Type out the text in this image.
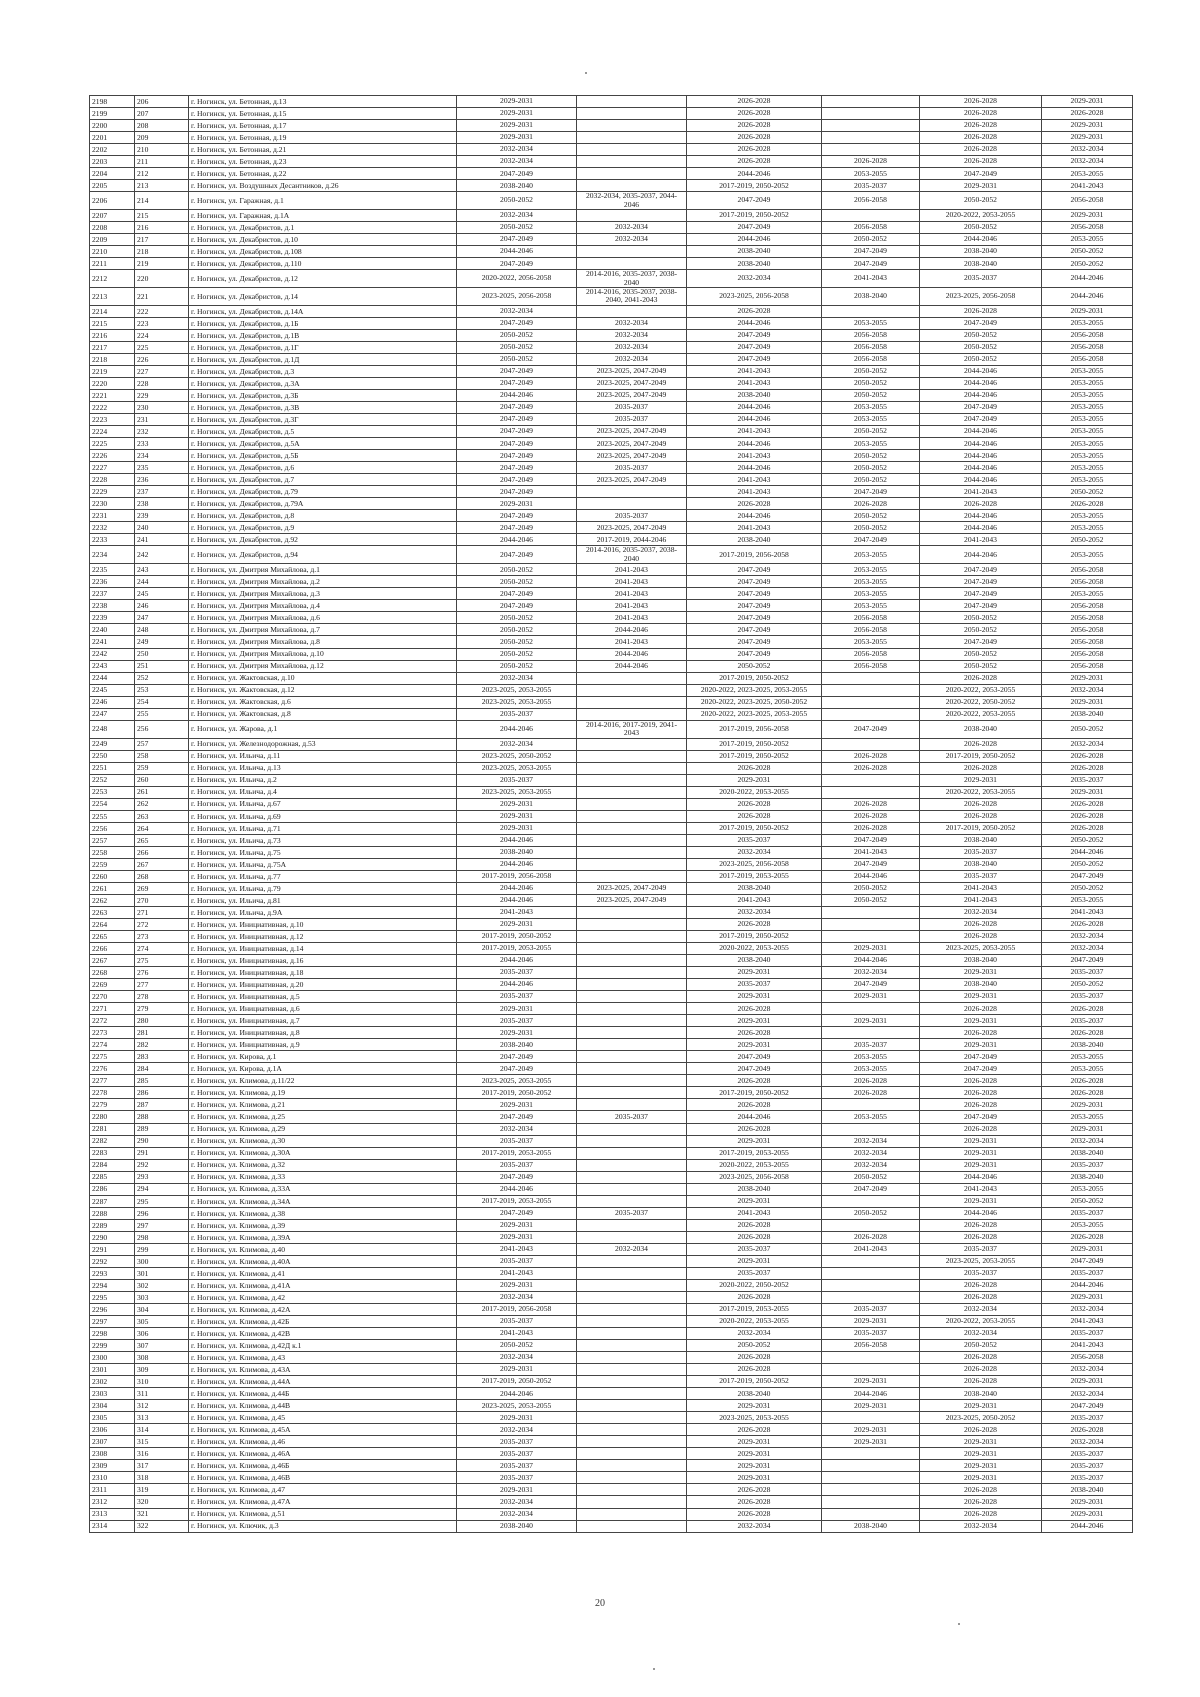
2198	206	г. Ногинск, ул. Бетонная, д.13	2029-2031		2026-2028		2026-2028	2029-2031
2199	207	г. Ногинск, ул. Бетонная, д.15	2029-2031		2026-2028		2026-2028	2026-2028
2200	208	г. Ногинск, ул. Бетонная, д.17	2029-2031		2026-2028		2026-2028	2029-2031
2201	209	г. Ногинск, ул. Бетонная, д.19	2029-2031		2026-2028		2026-2028	2029-2031
2202	210	г. Ногинск, ул. Бетонная, д.21	2032-2034		2026-2028		2026-2028	2032-2034
2203	211	г. Ногинск, ул. Бетонная, д.23	2032-2034		2026-2028	2026-2028	2026-2028	2032-2034
2204	212	г. Ногинск, ул. Бетонная, д.22	2047-2049		2044-2046	2053-2055	2047-2049	2053-2055
2205	213	г. Ногинск, ул. Воздушных Десантников, д.26	2038-2040		2017-2019, 2050-2052	2035-2037	2029-2031	2041-2043
2206	214	г. Ногинск, ул. Гаражная, д.1	2050-2052	2032-2034, 2035-2037, 2044-2046	2047-2049	2056-2058	2050-2052	2056-2058
2207	215	г. Ногинск, ул. Гаражная, д.1А	2032-2034		2017-2019, 2050-2052		2020-2022, 2053-2055	2029-2031
2208	216	г. Ногинск, ул. Декабристов, д.1	2050-2052	2032-2034	2047-2049	2056-2058	2050-2052	2056-2058
2209	217	г. Ногинск, ул. Декабристов, д.10	2047-2049	2032-2034	2044-2046	2050-2052	2044-2046	2053-2055
2210	218	г. Ногинск, ул. Декабристов, д.108	2044-2046		2038-2040	2047-2049	2038-2040	2050-2052
2211	219	г. Ногинск, ул. Декабристов, д.110	2047-2049		2038-2040	2047-2049	2038-2040	2050-2052
2212	220	г. Ногинск, ул. Декабристов, д.12	2020-2022, 2056-2058	2014-2016, 2035-2037, 2038-2040	2032-2034	2041-2043	2035-2037	2044-2046
2213	221	г. Ногинск, ул. Декабристов, д.14	2023-2025, 2056-2058	2014-2016, 2035-2037, 2038-2040, 2041-2043	2023-2025, 2056-2058	2038-2040	2023-2025, 2056-2058	2044-2046
2214	222	г. Ногинск, ул. Декабристов, д.14А	2032-2034		2026-2028		2026-2028	2029-2031
2215	223	г. Ногинск, ул. Декабристов, д.1Б	2047-2049	2032-2034	2044-2046	2053-2055	2047-2049	2053-2055
2216	224	г. Ногинск, ул. Декабристов, д.1В	2050-2052	2032-2034	2047-2049	2056-2058	2050-2052	2056-2058
2217	225	г. Ногинск, ул. Декабристов, д.1Г	2050-2052	2032-2034	2047-2049	2056-2058	2050-2052	2056-2058
2218	226	г. Ногинск, ул. Декабристов, д.1Д	2050-2052	2032-2034	2047-2049	2056-2058	2050-2052	2056-2058
2219	227	г. Ногинск, ул. Декабристов, д.3	2047-2049	2023-2025, 2047-2049	2041-2043	2050-2052	2044-2046	2053-2055
2220	228	г. Ногинск, ул. Декабристов, д.3А	2047-2049	2023-2025, 2047-2049	2041-2043	2050-2052	2044-2046	2053-2055
2221	229	г. Ногинск, ул. Декабристов, д.3Б	2044-2046	2023-2025, 2047-2049	2038-2040	2050-2052	2044-2046	2053-2055
2222	230	г. Ногинск, ул. Декабристов, д.3В	2047-2049	2035-2037	2044-2046	2053-2055	2047-2049	2053-2055
2223	231	г. Ногинск, ул. Декабристов, д.3Г	2047-2049	2035-2037	2044-2046	2053-2055	2047-2049	2053-2055
2224	232	г. Ногинск, ул. Декабристов, д.5	2047-2049	2023-2025, 2047-2049	2041-2043	2050-2052	2044-2046	2053-2055
2225	233	г. Ногинск, ул. Декабристов, д.5А	2047-2049	2023-2025, 2047-2049	2044-2046	2053-2055	2044-2046	2053-2055
2226	234	г. Ногинск, ул. Декабристов, д.5Б	2047-2049	2023-2025, 2047-2049	2041-2043	2050-2052	2044-2046	2053-2055
2227	235	г. Ногинск, ул. Декабристов, д.6	2047-2049	2035-2037	2044-2046	2050-2052	2044-2046	2053-2055
2228	236	г. Ногинск, ул. Декабристов, д.7	2047-2049	2023-2025, 2047-2049	2041-2043	2050-2052	2044-2046	2053-2055
2229	237	г. Ногинск, ул. Декабристов, д.79	2047-2049		2041-2043	2047-2049	2041-2043	2050-2052
2230	238	г. Ногинск, ул. Декабристов, д.79А	2029-2031		2026-2028	2026-2028	2026-2028	2026-2028
2231	239	г. Ногинск, ул. Декабристов, д.8	2047-2049	2035-2037	2044-2046	2050-2052	2044-2046	2053-2055
2232	240	г. Ногинск, ул. Декабристов, д.9	2047-2049	2023-2025, 2047-2049	2041-2043	2050-2052	2044-2046	2053-2055
2233	241	г. Ногинск, ул. Декабристов, д.92	2044-2046	2017-2019, 2044-2046	2038-2040	2047-2049	2041-2043	2050-2052
2234	242	г. Ногинск, ул. Декабристов, д.94	2047-2049	2014-2016, 2035-2037, 2038-2040	2017-2019, 2056-2058	2053-2055	2044-2046	2053-2055
2235	243	г. Ногинск, ул. Дмитрия Михайлова, д.1	2050-2052	2041-2043	2047-2049	2053-2055	2047-2049	2056-2058
2236	244	г. Ногинск, ул. Дмитрия Михайлова, д.2	2050-2052	2041-2043	2047-2049	2053-2055	2047-2049	2056-2058
2237	245	г. Ногинск, ул. Дмитрия Михайлова, д.3	2047-2049	2041-2043	2047-2049	2053-2055	2047-2049	2053-2055
2238	246	г. Ногинск, ул. Дмитрия Михайлова, д.4	2047-2049	2041-2043	2047-2049	2053-2055	2047-2049	2056-2058
2239	247	г. Ногинск, ул. Дмитрия Михайлова, д.6	2050-2052	2041-2043	2047-2049	2056-2058	2050-2052	2056-2058
2240	248	г. Ногинск, ул. Дмитрия Михайлова, д.7	2050-2052	2044-2046	2047-2049	2056-2058	2050-2052	2056-2058
2241	249	г. Ногинск, ул. Дмитрия Михайлова, д.8	2050-2052	2041-2043	2047-2049	2053-2055	2047-2049	2056-2058
2242	250	г. Ногинск, ул. Дмитрия Михайлова, д.10	2050-2052	2044-2046	2047-2049	2056-2058	2050-2052	2056-2058
2243	251	г. Ногинск, ул. Дмитрия Михайлова, д.12	2050-2052	2044-2046	2050-2052	2056-2058	2050-2052	2056-2058
2244	252	г. Ногинск, ул. Жактовская, д.10	2032-2034		2017-2019, 2050-2052		2026-2028	2029-2031
2245	253	г. Ногинск, ул. Жактовская, д.12	2023-2025, 2053-2055		2020-2022, 2023-2025, 2053-2055		2020-2022, 2053-2055	2032-2034
2246	254	г. Ногинск, ул. Жактовская, д.6	2023-2025, 2053-2055		2020-2022, 2023-2025, 2050-2052		2020-2022, 2050-2052	2029-2031
2247	255	г. Ногинск, ул. Жактовская, д.8	2035-2037		2020-2022, 2023-2025, 2053-2055		2020-2022, 2053-2055	2038-2040
2248	256	г. Ногинск, ул. Жарова, д.1	2044-2046	2014-2016, 2017-2019, 2041-2043	2017-2019, 2056-2058	2047-2049	2038-2040	2050-2052
2249	257	г. Ногинск, ул. Железнодорожная, д.53	2032-2034		2017-2019, 2050-2052		2026-2028	2032-2034
2250	258	г. Ногинск, ул. Ильича, д.11	2023-2025, 2050-2052		2017-2019, 2050-2052	2026-2028	2017-2019, 2050-2052	2026-2028
2251	259	г. Ногинск, ул. Ильича, д.13	2023-2025, 2053-2055		2026-2028	2026-2028	2026-2028	2026-2028
2252	260	г. Ногинск, ул. Ильича, д.2	2035-2037		2029-2031		2029-2031	2035-2037
2253	261	г. Ногинск, ул. Ильича, д.4	2023-2025, 2053-2055		2020-2022, 2053-2055		2020-2022, 2053-2055	2029-2031
2254	262	г. Ногинск, ул. Ильича, д.67	2029-2031		2026-2028	2026-2028	2026-2028	2026-2028
2255	263	г. Ногинск, ул. Ильича, д.69	2029-2031		2026-2028	2026-2028	2026-2028	2026-2028
2256	264	г. Ногинск, ул. Ильича, д.71	2029-2031		2017-2019, 2050-2052	2026-2028	2017-2019, 2050-2052	2026-2028
2257	265	г. Ногинск, ул. Ильича, д.73	2044-2046		2035-2037	2047-2049	2038-2040	2050-2052
2258	266	г. Ногинск, ул. Ильича, д.75	2038-2040		2032-2034	2041-2043	2035-2037	2044-2046
2259	267	г. Ногинск, ул. Ильича, д.75А	2044-2046		2023-2025, 2056-2058	2047-2049	2038-2040	2050-2052
2260	268	г. Ногинск, ул. Ильича, д.77	2017-2019, 2056-2058		2017-2019, 2053-2055	2044-2046	2035-2037	2047-2049
2261	269	г. Ногинск, ул. Ильича, д.79	2044-2046	2023-2025, 2047-2049	2038-2040	2050-2052	2041-2043	2050-2052
2262	270	г. Ногинск, ул. Ильича, д.81	2044-2046	2023-2025, 2047-2049	2041-2043	2050-2052	2041-2043	2053-2055
2263	271	г. Ногинск, ул. Ильича, д.9А	2041-2043		2032-2034		2032-2034	2041-2043
2264	272	г. Ногинск, ул. Инициативная, д.10	2029-2031		2026-2028		2026-2028	2026-2028
2265	273	г. Ногинск, ул. Инициативная, д.12	2017-2019, 2050-2052		2017-2019, 2050-2052		2026-2028	2032-2034
2266	274	г. Ногинск, ул. Инициативная, д.14	2017-2019, 2053-2055		2020-2022, 2053-2055	2029-2031	2023-2025, 2053-2055	2032-2034
2267	275	г. Ногинск, ул. Инициативная, д.16	2044-2046		2038-2040	2044-2046	2038-2040	2047-2049
2268	276	г. Ногинск, ул. Инициативная, д.18	2035-2037		2029-2031	2032-2034	2029-2031	2035-2037
2269	277	г. Ногинск, ул. Инициативная, д.20	2044-2046		2035-2037	2047-2049	2038-2040	2050-2052
2270	278	г. Ногинск, ул. Инициативная, д.5	2035-2037		2029-2031	2029-2031	2029-2031	2035-2037
2271	279	г. Ногинск, ул. Инициативная, д.6	2029-2031		2026-2028		2026-2028	2026-2028
2272	280	г. Ногинск, ул. Инициативная, д.7	2035-2037		2029-2031	2029-2031	2029-2031	2035-2037
2273	281	г. Ногинск, ул. Инициативная, д.8	2029-2031		2026-2028		2026-2028	2026-2028
2274	282	г. Ногинск, ул. Инициативная, д.9	2038-2040		2029-2031	2035-2037	2029-2031	2038-2040
2275	283	г. Ногинск, ул. Кирова, д.1	2047-2049		2047-2049	2053-2055	2047-2049	2053-2055
2276	284	г. Ногинск, ул. Кирова, д.1А	2047-2049		2047-2049	2053-2055	2047-2049	2053-2055
2277	285	г. Ногинск, ул. Климова, д.11/22	2023-2025, 2053-2055		2026-2028	2026-2028	2026-2028	2026-2028
2278	286	г. Ногинск, ул. Климова, д.19	2017-2019, 2050-2052		2017-2019, 2050-2052	2026-2028	2026-2028	2026-2028
2279	287	г. Ногинск, ул. Климова, д.21	2029-2031		2026-2028		2026-2028	2029-2031
2280	288	г. Ногинск, ул. Климова, д.25	2047-2049	2035-2037	2044-2046	2053-2055	2047-2049	2053-2055
2281	289	г. Ногинск, ул. Климова, д.29	2032-2034		2026-2028		2026-2028	2029-2031
2282	290	г. Ногинск, ул. Климова, д.30	2035-2037		2029-2031	2032-2034	2029-2031	2032-2034
2283	291	г. Ногинск, ул. Климова, д.30А	2017-2019, 2053-2055		2017-2019, 2053-2055	2032-2034	2029-2031	2038-2040
2284	292	г. Ногинск, ул. Климова, д.32	2035-2037		2020-2022, 2053-2055	2032-2034	2029-2031	2035-2037
2285	293	г. Ногинск, ул. Климова, д.33	2047-2049		2023-2025, 2056-2058	2050-2052	2044-2046	2038-2040
2286	294	г. Ногинск, ул. Климова, д.33А	2044-2046		2038-2040	2047-2049	2041-2043	2053-2055
2287	295	г. Ногинск, ул. Климова, д.34А	2017-2019, 2053-2055		2029-2031		2029-2031	2050-2052
2288	296	г. Ногинск, ул. Климова, д.38	2047-2049	2035-2037	2041-2043	2050-2052	2044-2046	2035-2037
2289	297	г. Ногинск, ул. Климова, д.39	2029-2031		2026-2028		2026-2028	2053-2055
2290	298	г. Ногинск, ул. Климова, д.39А	2029-2031		2026-2028	2026-2028	2026-2028	2026-2028
2291	299	г. Ногинск, ул. Климова, д.40	2041-2043	2032-2034	2035-2037	2041-2043	2035-2037	2029-2031
2292	300	г. Ногинск, ул. Климова, д.40А	2035-2037		2029-2031		2023-2025, 2053-2055	2047-2049
2293	301	г. Ногинск, ул. Климова, д.41	2041-2043		2035-2037		2035-2037	2035-2037
2294	302	г. Ногинск, ул. Климова, д.41А	2029-2031		2020-2022, 2050-2052		2026-2028	2044-2046
2295	303	г. Ногинск, ул. Климова, д.42	2032-2034		2026-2028		2026-2028	2029-2031
2296	304	г. Ногинск, ул. Климова, д.42А	2017-2019, 2056-2058		2017-2019, 2053-2055	2035-2037	2032-2034	2032-2034
2297	305	г. Ногинск, ул. Климова, д.42Б	2035-2037		2020-2022, 2053-2055	2029-2031	2020-2022, 2053-2055	2041-2043
2298	306	г. Ногинск, ул. Климова, д.42В	2041-2043		2032-2034	2035-2037	2032-2034	2035-2037
2299	307	г. Ногинск, ул. Климова, д.42Д к.1	2050-2052		2050-2052	2056-2058	2050-2052	2041-2043
2300	308	г. Ногинск, ул. Климова, д.43	2032-2034		2026-2028		2026-2028	2056-2058
2301	309	г. Ногинск, ул. Климова, д.43А	2029-2031		2026-2028		2026-2028	2032-2034
2302	310	г. Ногинск, ул. Климова, д.44А	2017-2019, 2050-2052		2017-2019, 2050-2052	2029-2031	2026-2028	2029-2031
2303	311	г. Ногинск, ул. Климова, д.44Б	2044-2046		2038-2040	2044-2046	2038-2040	2032-2034
2304	312	г. Ногинск, ул. Климова, д.44В	2023-2025, 2053-2055		2029-2031	2029-2031	2029-2031	2047-2049
2305	313	г. Ногинск, ул. Климова, д.45	2029-2031		2023-2025, 2053-2055		2023-2025, 2050-2052	2035-2037
2306	314	г. Ногинск, ул. Климова, д.45А	2032-2034		2026-2028	2029-2031	2026-2028	2026-2028
2307	315	г. Ногинск, ул. Климова, д.46	2035-2037		2029-2031	2029-2031	2029-2031	2032-2034
2308	316	г. Ногинск, ул. Климова, д.46А	2035-2037		2029-2031		2029-2031	2035-2037
2309	317	г. Ногинск, ул. Климова, д.46Б	2035-2037		2029-2031		2029-2031	2035-2037
2310	318	г. Ногинск, ул. Климова, д.46В	2035-2037		2029-2031		2029-2031	2035-2037
2311	319	г. Ногинск, ул. Климова, д.47	2029-2031		2026-2028		2026-2028	2038-2040
2312	320	г. Ногинск, ул. Климова, д.47А	2032-2034		2026-2028		2026-2028	2029-2031
2313	321	г. Ногинск, ул. Климова, д.51	2032-2034		2026-2028		2026-2028	2029-2031
2314	322	г. Ногинск, ул. Ключик, д.3	2038-2040		2032-2034	2038-2040	2032-2034	2044-2046
20
